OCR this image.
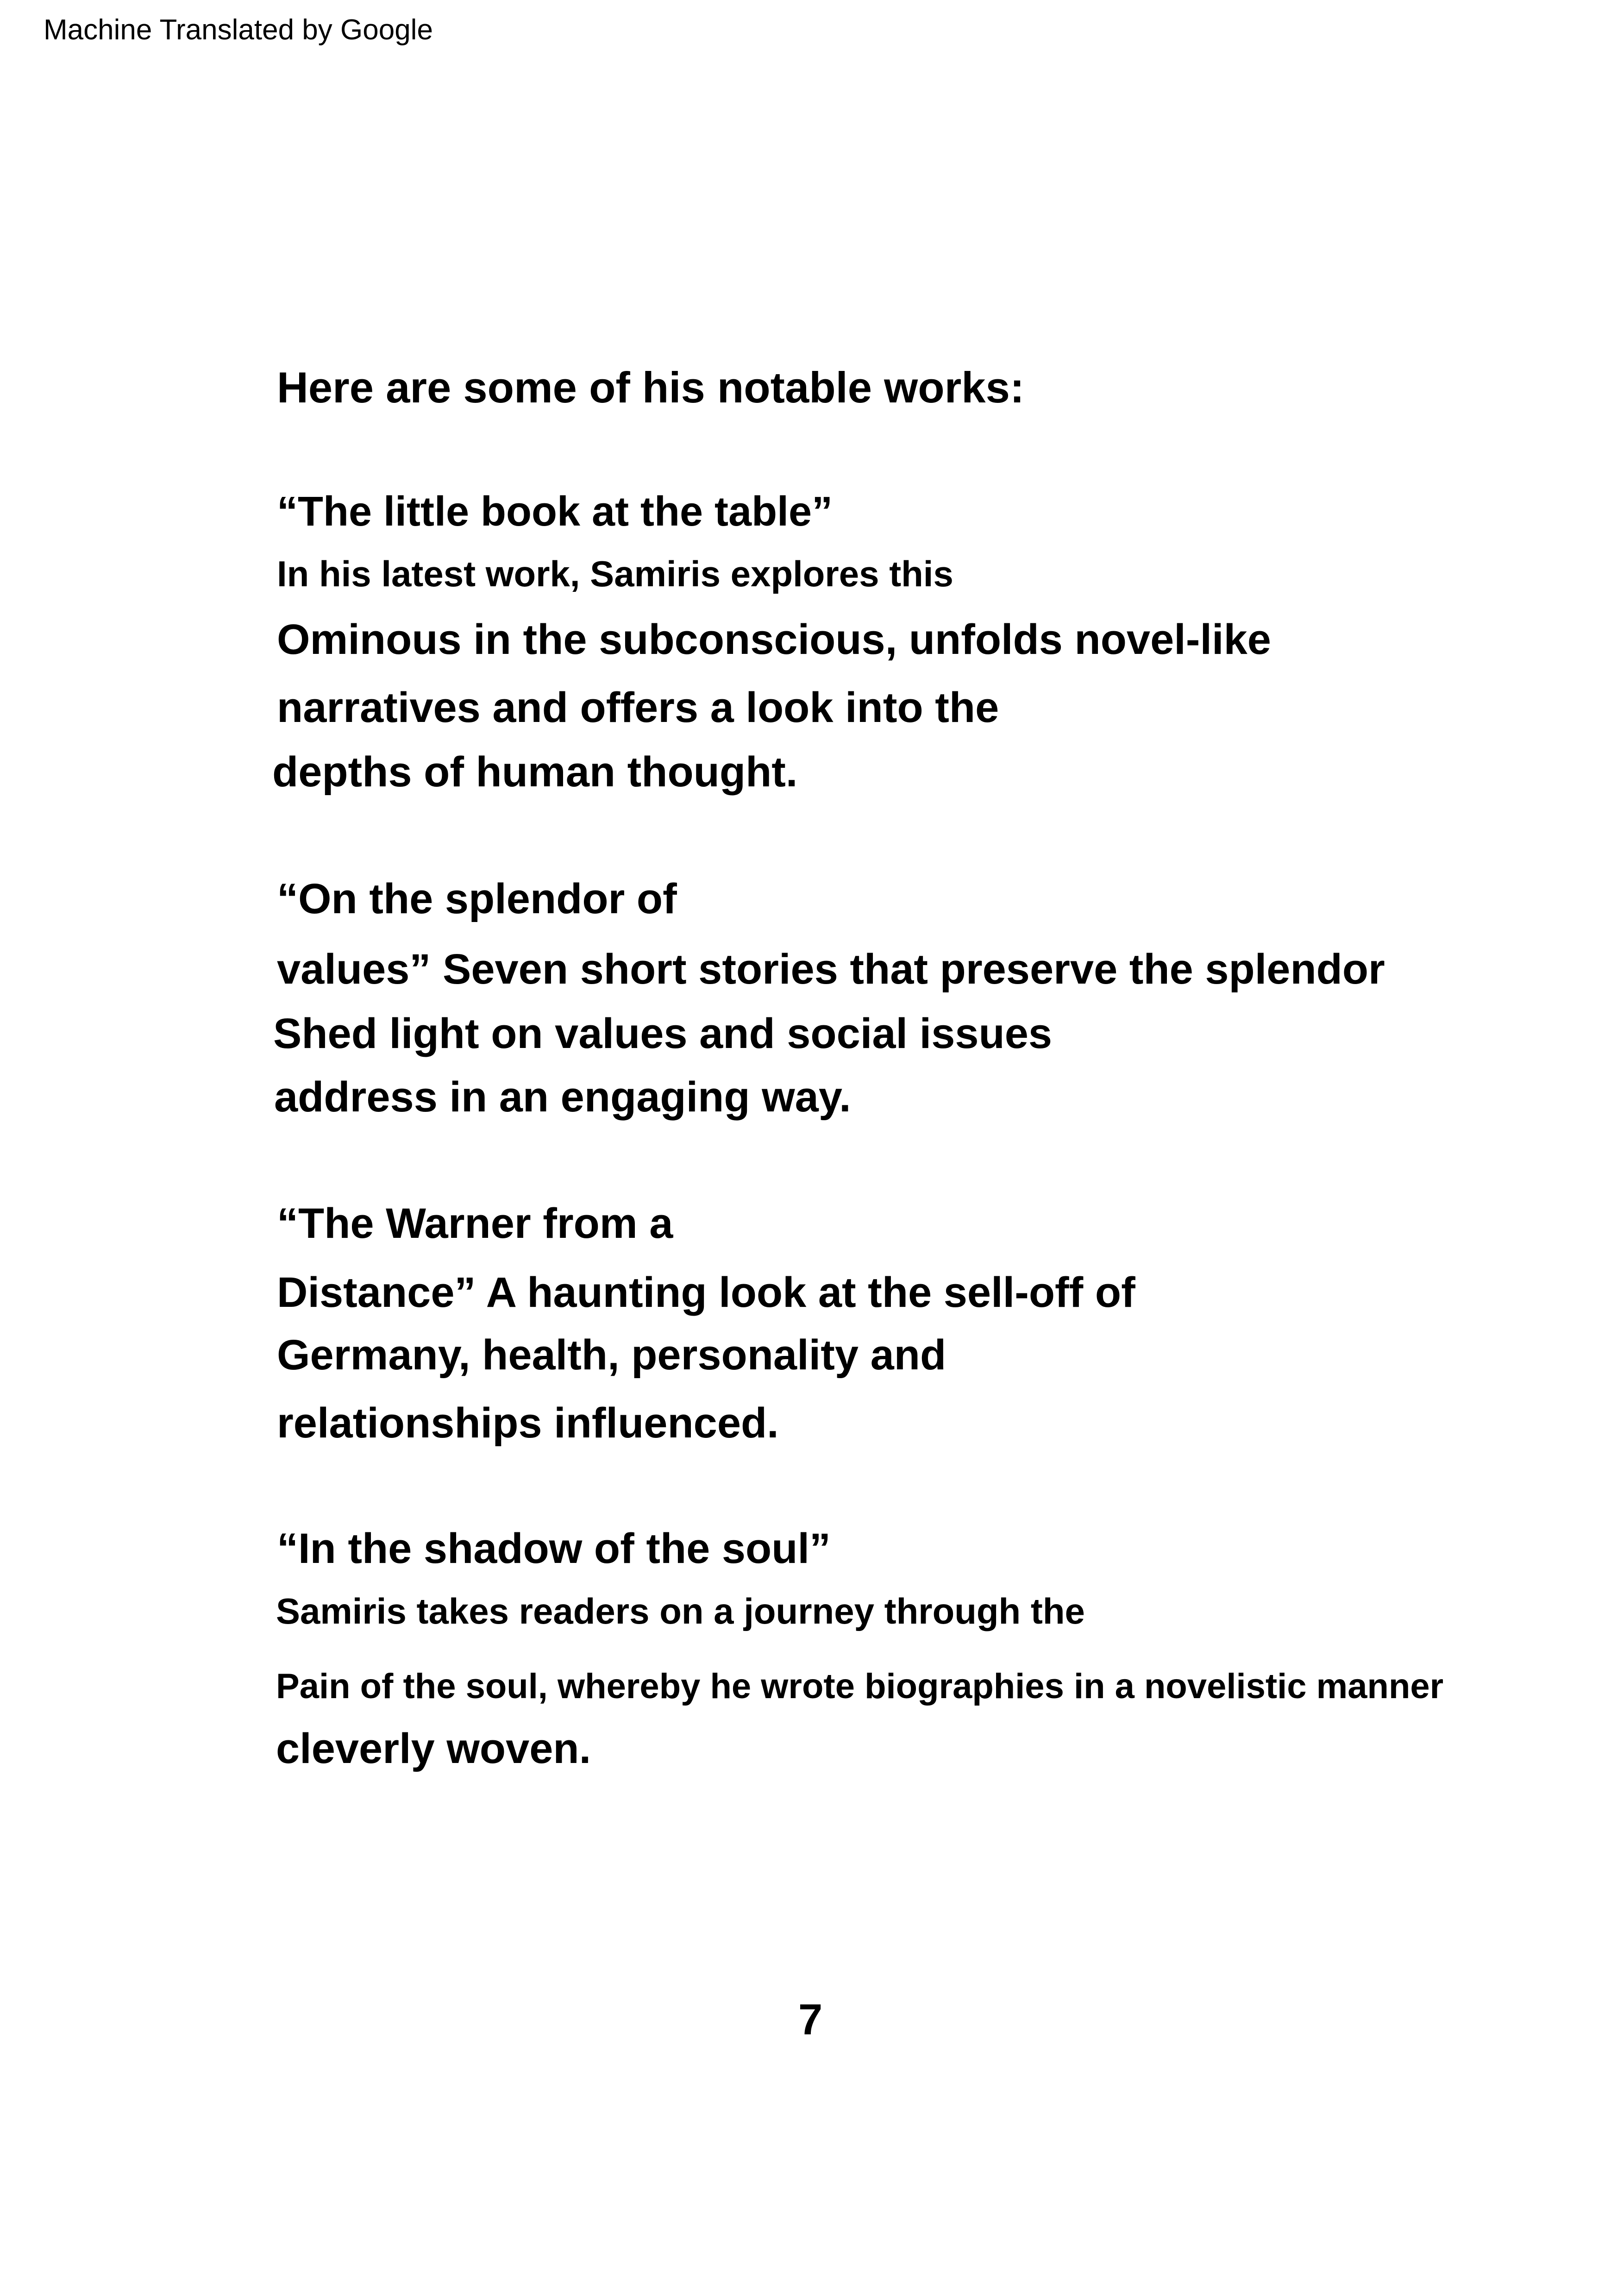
Machine Translated by Google
Here are some of his notable works:
“The little book at the table”
In his latest work, Samiris explores this
Ominous in the subconscious, unfolds novel-like
narratives and offers a look into the
depths of human thought.
“On the splendor of
values” Seven short stories that preserve the splendor
Shed light on values and social issues
address in an engaging way.
“The Warner from a
Distance” A haunting look at the sell-off of
Germany, health, personality and
relationships influenced.
“In the shadow of the soul”
Samiris takes readers on a journey through the
Pain of the soul, whereby he wrote biographies in a novelistic manner
cleverly woven.
7
